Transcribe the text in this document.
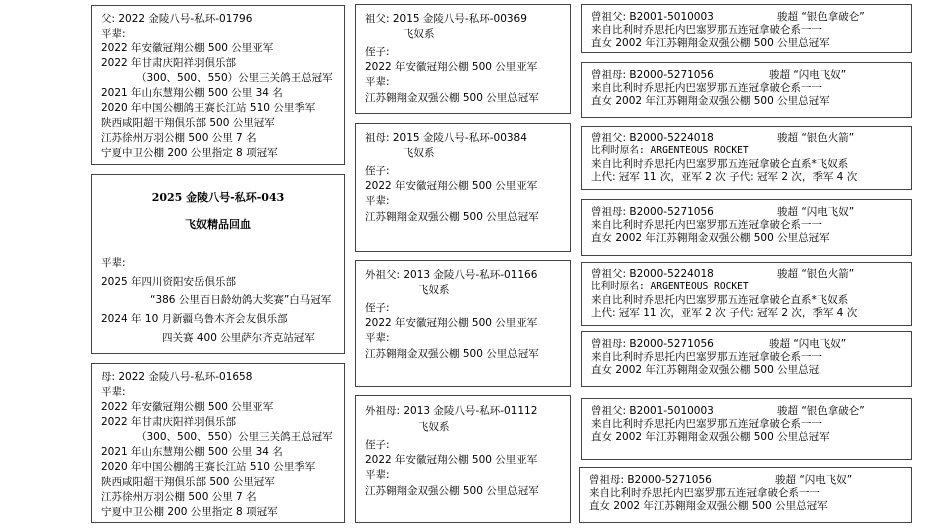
父: 2022 金陵八号-私环-01796
平辈:
2022 年安徽冠翔公棚 500 公里亚军
2022 年甘肃庆阳祥羽俱乐部
（300、500、550）公里三关鸽王总冠军
2021 年山东慧翔公棚 500 公里 34 名
2020 年中国公棚鸽王赛长江站 510 公里季军
陕西咸阳超干翔俱乐部 500 公里冠军
江苏徐州万羽公棚 500 公里 7 名
宁夏中卫公棚 200 公里指定 8 项冠军
2025 金陵八号-私环-043
飞奴精品回血
平辈:
2025 年四川资阳安岳俱乐部
“386 公里百日龄幼鸽大奖赛”白马冠军
2024 年 10 月新疆乌鲁木齐会友俱乐部
四关赛 400 公里萨尔齐克站冠军
母: 2022 金陵八号-私环-01658
平辈:
2022 年安徽冠翔公棚 500 公里亚军
2022 年甘肃庆阳祥羽俱乐部
（300、500、550）公里三关鸽王总冠军
2021 年山东慧翔公棚 500 公里 34 名
2020 年中国公棚鸽王赛长江站 510 公里季军
陕西咸阳超干翔俱乐部 500 公里冠军
江苏徐州万羽公棚 500 公里 7 名
宁夏中卫公棚 200 公里指定 8 项冠军
祖父: 2015 金陵八号-私环-00369
飞奴系
侄子:
2022 年安徽冠翔公棚 500 公里亚军
平辈:
江苏翱翔金双强公棚 500 公里总冠军
祖母: 2015 金陵八号-私环-00384
飞奴系
侄子:
2022 年安徽冠翔公棚 500 公里亚军
平辈:
江苏翱翔金双强公棚 500 公里总冠军
外祖父: 2013 金陵八号-私环-01166
飞奴系
侄子:
2022 年安徽冠翔公棚 500 公里亚军
平辈:
江苏翱翔金双强公棚 500 公里总冠军
外祖母: 2013 金陵八号-私环-01112
飞奴系
侄子:
2022 年安徽冠翔公棚 500 公里亚军
平辈:
江苏翱翔金双强公棚 500 公里总冠军
曾祖父: B2001-5010003	骏超 “银色拿破仑”
来自比利时乔思托内巴塞罗那五连冠拿破仑系一一
直女 2002 年江苏翱翔金双强公棚 500 公里总冠军
曾祖母: B2000-5271056	骏超 “闪电飞奴”
来自比利时乔思托内巴塞罗那五连冠拿破仑系一一
直女 2002 年江苏翱翔金双强公棚 500 公里总冠军
曾祖父: B2000-5224018	骏超 “银色火箭”
比利时原名: ARGENTEOUS ROCKET
来自比利时乔思托内巴塞罗那五连冠拿破仑直系*飞奴系
上代: 冠军 11 次，亚军 2 次 子代: 冠军 2 次，季军 4 次
曾祖母: B2000-5271056	骏超 “闪电飞奴”
来自比利时乔思托内巴塞罗那五连冠拿破仑系一一
直女 2002 年江苏翱翔金双强公棚 500 公里总冠军
曾祖父: B2000-5224018	骏超 “银色火箭”
比利时原名: ARGENTEOUS ROCKET
来自比利时乔思托内巴塞罗那五连冠拿破仑直系*飞奴系
上代: 冠军 11 次，亚军 2 次 子代: 冠军 2 次，季军 4 次
曾祖母: B2000-5271056	骏超 “闪电飞奴”
来自比利时乔思托内巴塞罗那五连冠拿破仑系一一
直女 2002 年江苏翱翔金双强公棚 500 公里总冠
曾祖父: B2001-5010003	骏超 “银色拿破仑”
来自比利时乔思托内巴塞罗那五连冠拿破仑系一一
直女 2002 年江苏翱翔金双强公棚 500 公里总冠军
曾祖母: B2000-5271056	骏超 “闪电飞奴”
来自比利时乔思托内巴塞罗那五连冠拿破仑系一一
直女 2002 年江苏翱翔金双强公棚 500 公里总冠军
